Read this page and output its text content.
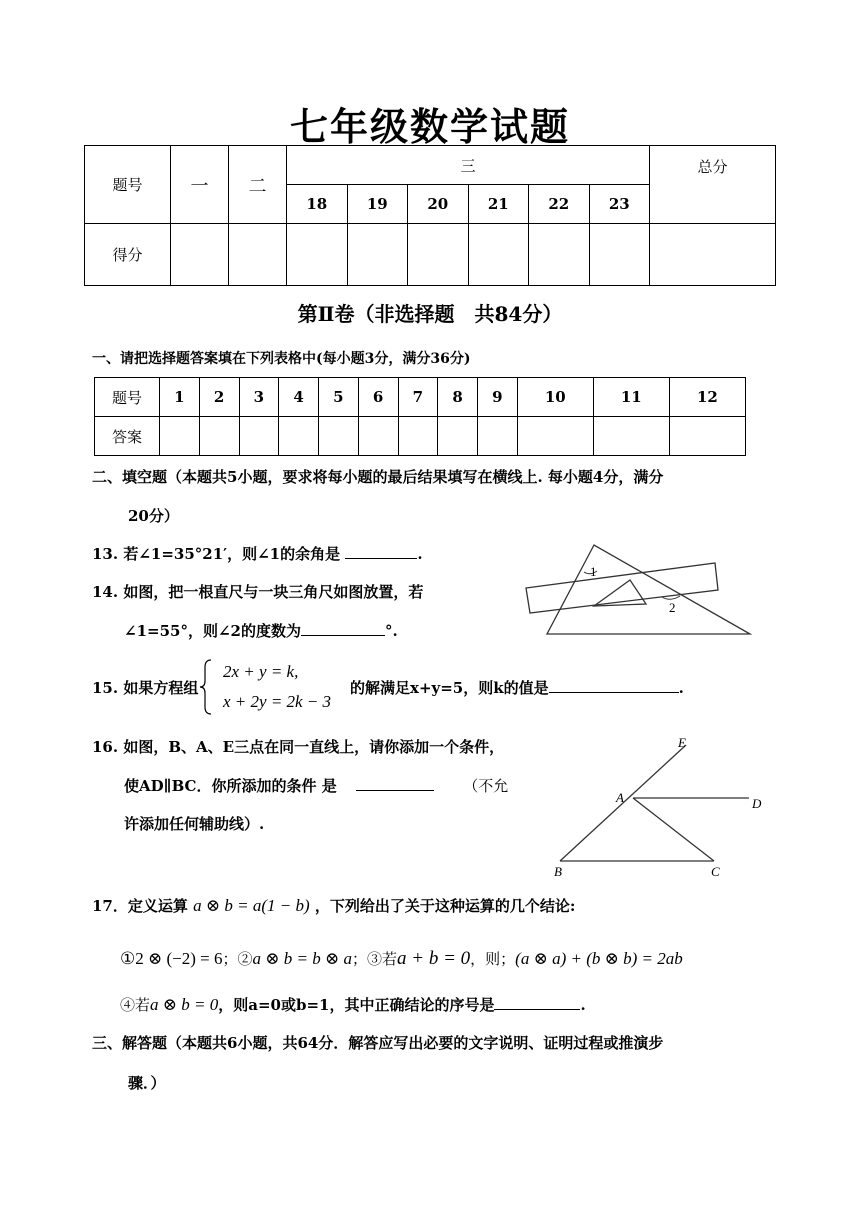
七年级数学试题
题号	一	二	三						总分
			18	19	20	21	22	23	
得分									
第Ⅱ卷（非选择题　共84分）
一、请把选择题答案填在下列表格中(每小题3分，满分36分)
题号	1	2	3	4	5	6	7	8	9	10	11	12
答案												
二、填空题（本题共5小题，要求将每小题的最后结果填写在横线上. 每小题4分，满分
20分）
13. 若∠1=35°21′，则∠1的余角是	.
14. 如图，把一根直尺与一块三角尺如图放置，若
∠1=55°，则∠2的度数为	°.
1
2
15. 如果方程组
2x + y = k,
x + 2y = 2k − 3
的解满足x+y=5，则k的值是	.
16. 如图，B、A、E三点在同一直线上，请你添加一个条件，
使AD∥BC．你所添加的条件 是	（不允
许添加任何辅助线）.
E
A	D
B	C
17．定义运算 a ⊗ b = a(1 − b) ，下列给出了关于这种运算的几个结论:
①2 ⊗ (−2) = 6；②a ⊗ b = b ⊗ a；③若a + b = 0，则；(a ⊗ a) + (b ⊗ b) = 2ab
④若a ⊗ b = 0，则a=0或b=1，其中正确结论的序号是	.
三、解答题（本题共6小题，共64分．解答应写出必要的文字说明、证明过程或推演步
骤．）
